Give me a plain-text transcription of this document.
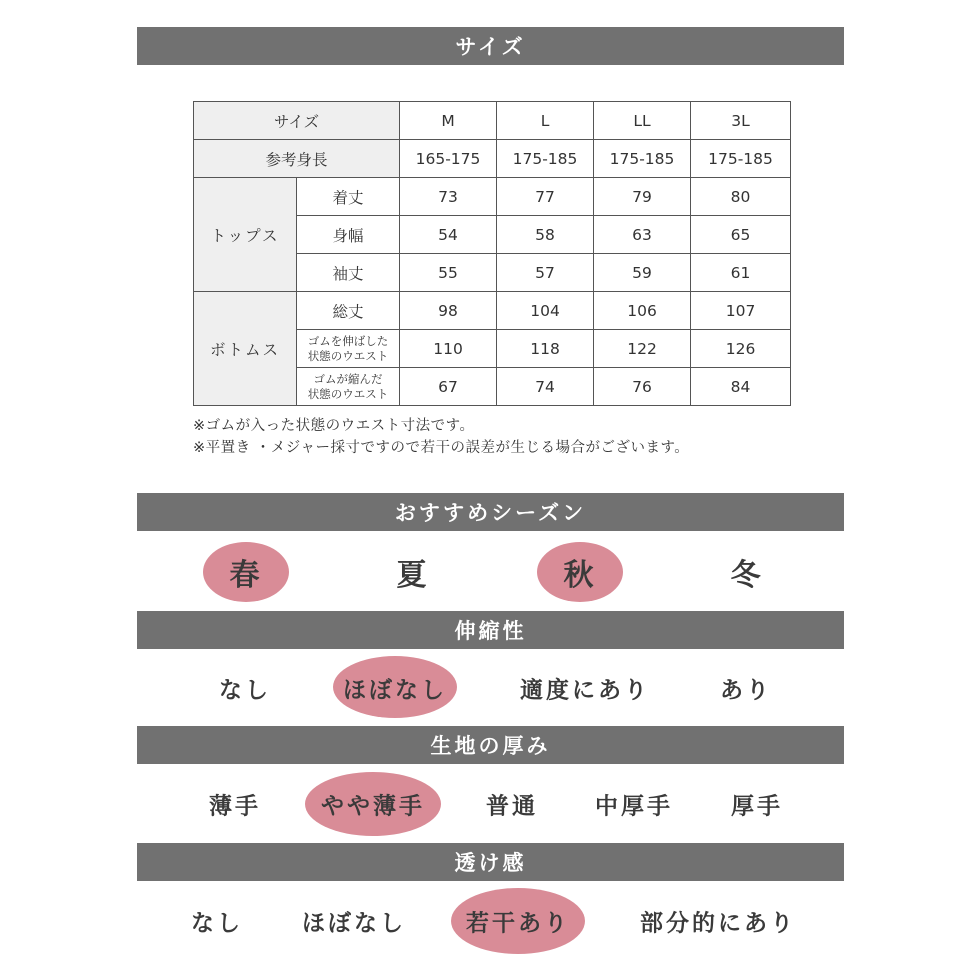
サイズ
サイズ		M	L	LL	3L
参考身長		165-175	175-185	175-185	175-185
トップス	着丈	73	77	79	80
	身幅	54	58	63	65
	袖丈	55	57	59	61
ボトムス	総丈	98	104	106	107
	ゴムを伸ばした
状態のウエスト	110	118	122	126
	ゴムが縮んだ
状態のウエスト	67	74	76	84
※ゴムが入った状態のウエスト寸法です。
※平置き ・メジャー採寸ですので若干の誤差が生じる場合がございます。
おすすめシーズン
春	夏	秋	冬
伸縮性
なし	ほぼなし	適度にあり	あり
生地の厚み
薄手	やや薄手	普通 中厚手	厚手
透け感
なし	ほぼなし	若干あり	部分的にあり
